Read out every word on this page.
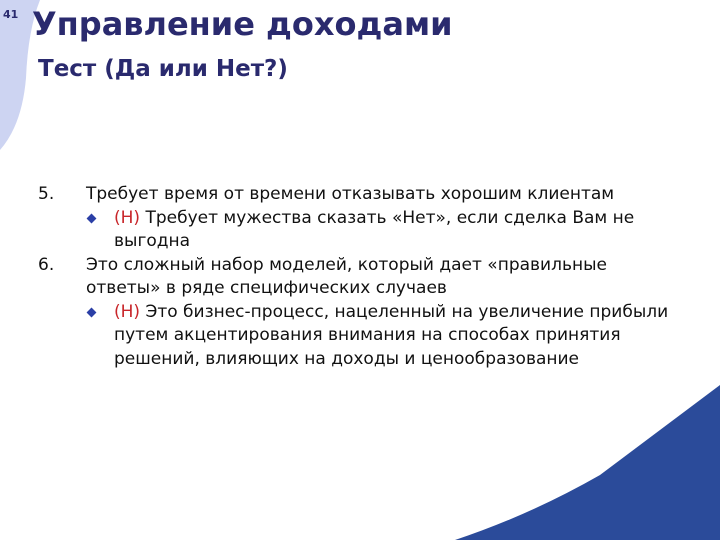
41 Управление доходами
Тест (Да или Нет?)
5. Требует время от времени отказывать хорошим клиентам
(Н) Требует мужества сказать «Нет», если сделка Вам не выгодна
6. Это сложный набор моделей, который дает «правильные ответы» в ряде специфических случаев
(Н) Это бизнес-процесс, нацеленный на увеличение прибыли путем акцентирования внимания на способах принятия решений, влияющих на доходы и ценообразование
